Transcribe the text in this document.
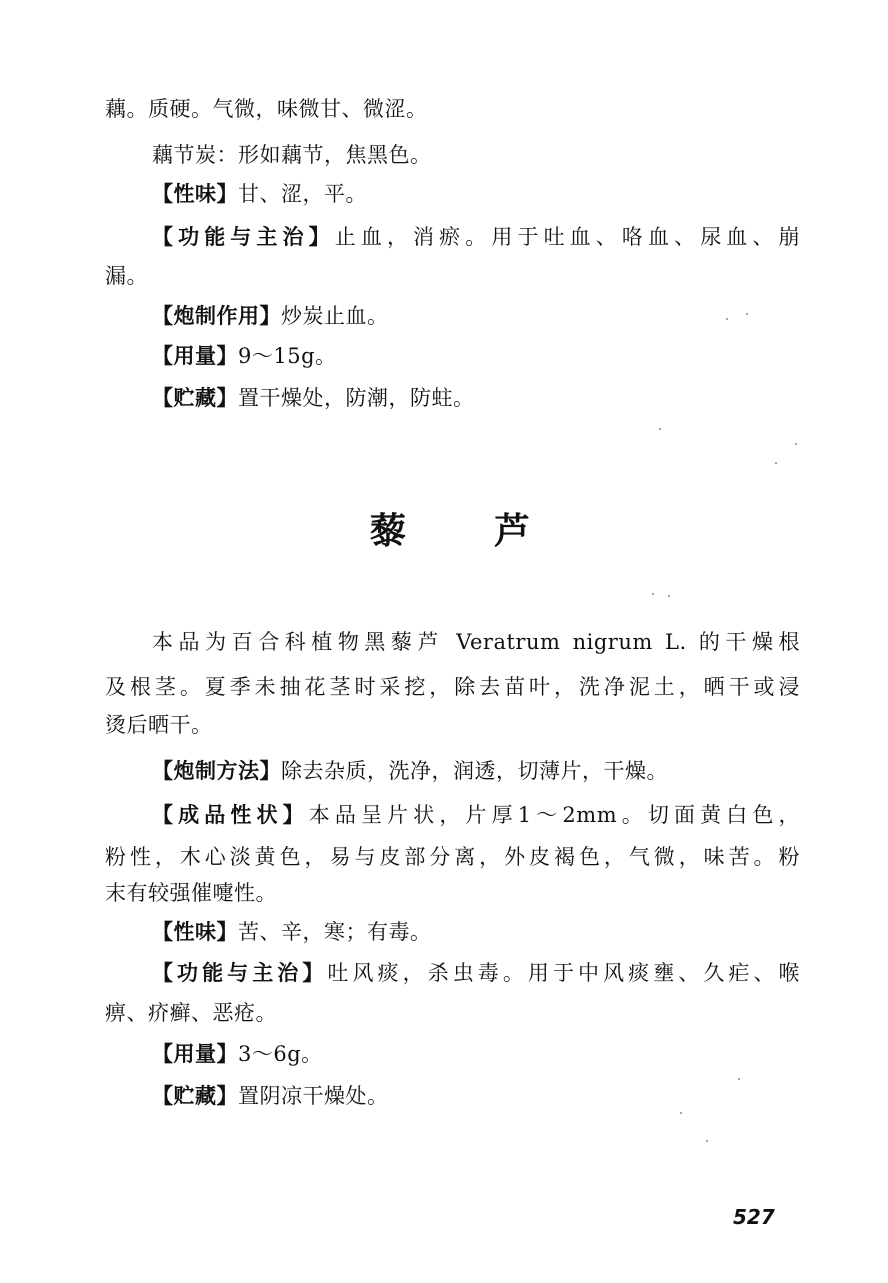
藕。质硬。气微，味微甘、微涩。
藕节炭：形如藕节，焦黑色。
【性味】甘、涩，平。
【功能与主治】止血，消瘀。用于吐血、咯血、尿血、崩
漏。
【炮制作用】炒炭止血。
【用量】9～15g。
【贮藏】置干燥处，防潮，防蛀。
藜 芦
本品为百合科植物黑藜芦 Veratrum nigrum L. 的干燥根
及根茎。夏季未抽花茎时采挖，除去苗叶，洗净泥土，晒干或浸
烫后晒干。
【炮制方法】除去杂质，洗净，润透，切薄片，干燥。
【成品性状】本品呈片状，片厚1～2mm。切面黄白色，
粉性，木心淡黄色，易与皮部分离，外皮褐色，气微，味苦。粉
末有较强催嚏性。
【性味】苦、辛，寒；有毒。
【功能与主治】吐风痰，杀虫毒。用于中风痰壅、久疟、喉
痹、疥癣、恶疮。
【用量】3～6g。
【贮藏】置阴凉干燥处。
527
